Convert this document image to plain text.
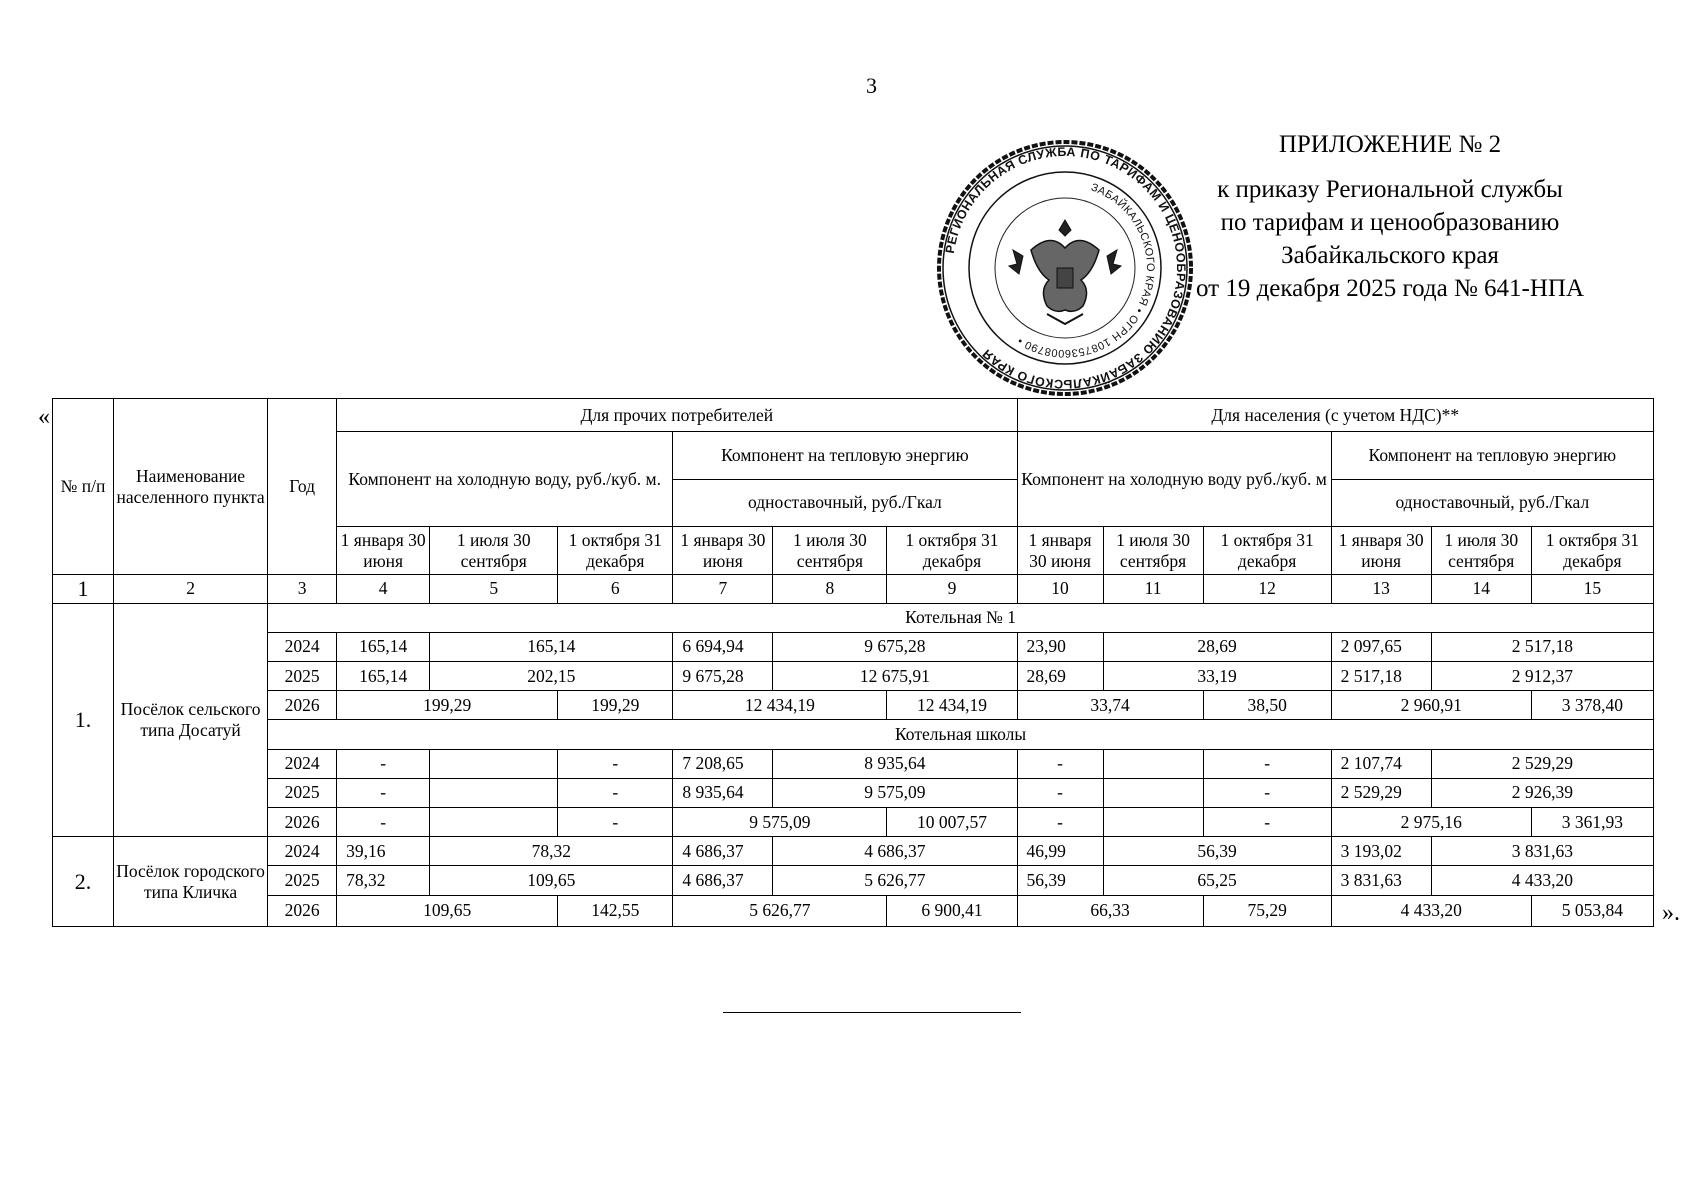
3
ПРИЛОЖЕНИЕ № 2
к приказу Региональной службы
по тарифам и ценообразованию
Забайкальского края
от 19 декабря 2025 года № 641-НПА
РЕГИОНАЛЬНАЯ СЛУЖБА ПО ТАРИФАМ И ЦЕНООБРАЗОВАНИЮ ЗАБАЙКАЛЬСКОГО КРАЯ
ЗАБАЙКАЛЬСКОГО КРАЯ • ОГРН 1087536008790 •
«
».
№ п/п	Наименование населенного пункта	Год	Для прочих потребителей						Для населения (с учетом НДС)**					
			Компонент на холодную воду, руб./куб. м.			Компонент на тепловую энергию			Компонент на холодную воду руб./куб. м			Компонент на тепловую энергию		
						одноставочный, руб./Гкал						одноставочный, руб./Гкал		
			1 января 30 июня	1 июля 30 сентября	1 октября 31 декабря	1 января 30 июня	1 июля 30 сентября	1 октября 31 декабря	1 января 30 июня	1 июля 30 сентября	1 октября 31 декабря	1 января 30 июня	1 июля 30 сентября	1 октября 31 декабря
1	2	3	4	5	6	7	8	9	10	11	12	13	14	15
1.	Посёлок сельского типа Досатуй	Котельная № 1												
		2024	165,14	165,14		6 694,94	9 675,28		23,90	28,69		2 097,65	2 517,18	
		2025	165,14	202,15		9 675,28	12 675,91		28,69	33,19		2 517,18	2 912,37	
		2026	199,29		199,29	12 434,19		12 434,19	33,74		38,50	2 960,91		3 378,40
		Котельная школы												
		2024	-		-	7 208,65	8 935,64		-		-	2 107,74	2 529,29	
		2025	-		-	8 935,64	9 575,09		-		-	2 529,29	2 926,39	
		2026	-		-	9 575,09		10 007,57	-		-	2 975,16		3 361,93
2.	Посёлок городского типа Кличка	2024	39,16	78,32		4 686,37	4 686,37		46,99	56,39		3 193,02	3 831,63	
		2025	78,32	109,65		4 686,37	5 626,77		56,39	65,25		3 831,63	4 433,20	
		2026	109,65		142,55	5 626,77		6 900,41	66,33		75,29	4 433,20		5 053,84
